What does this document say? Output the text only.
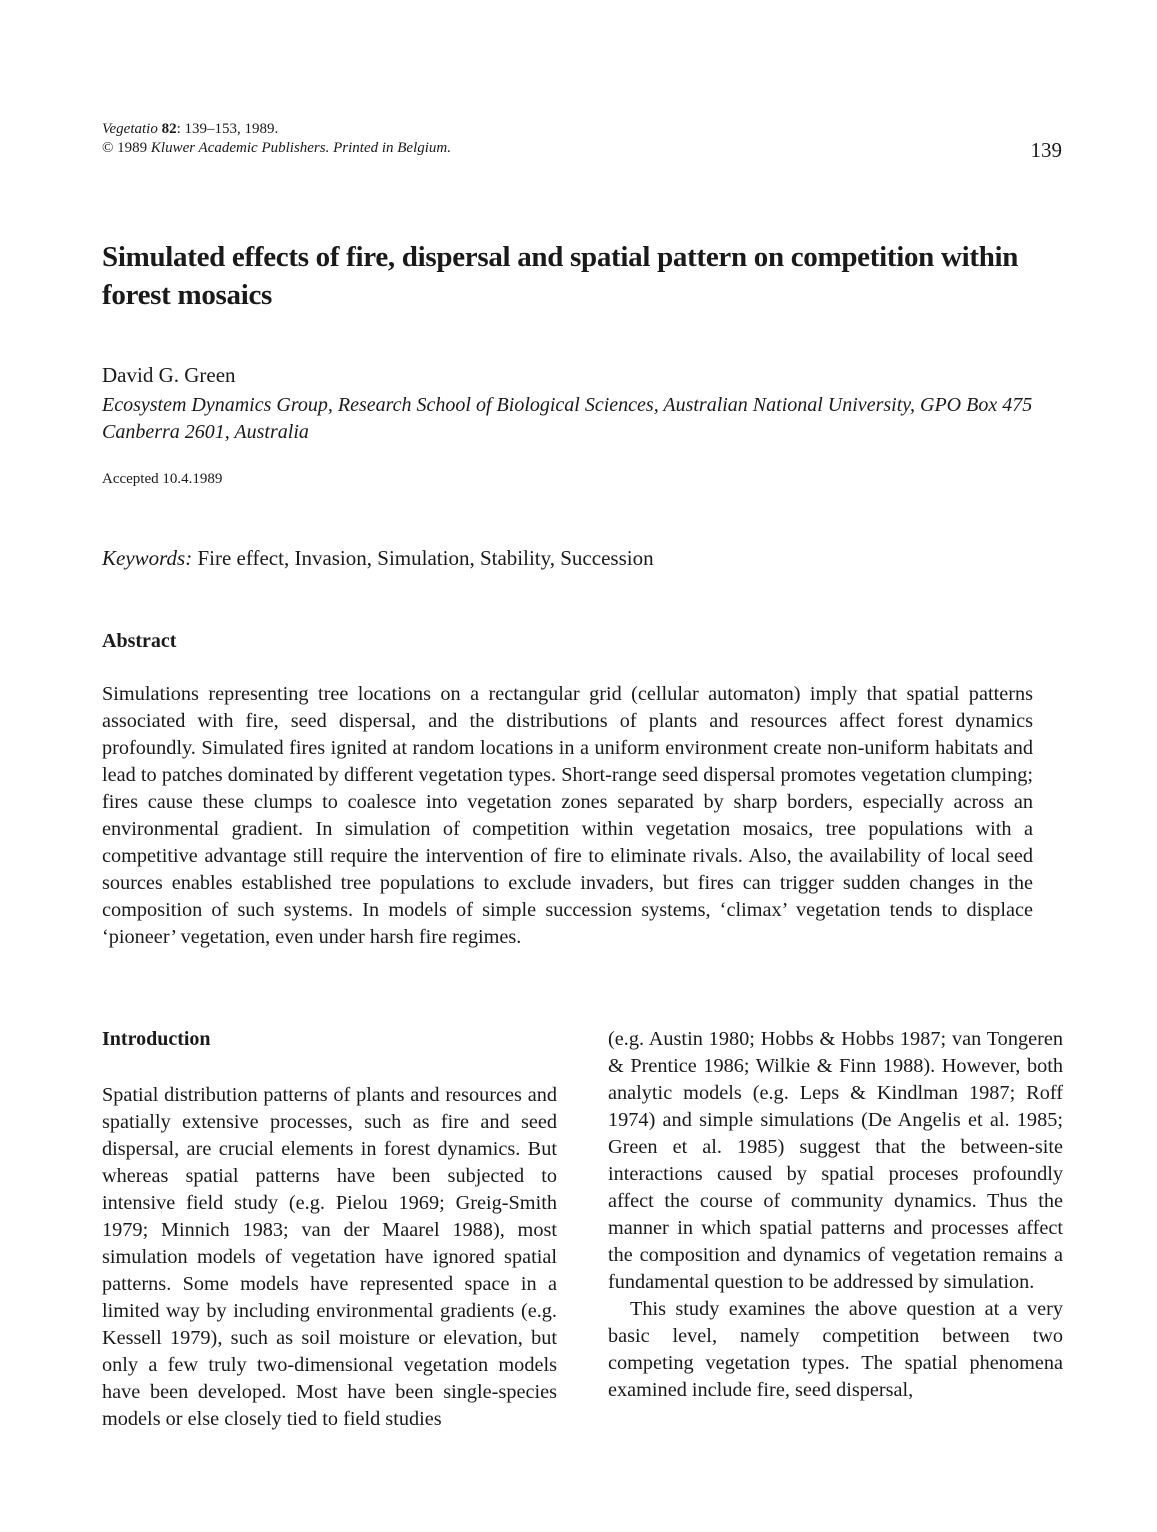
Vegetatio 82: 139–153, 1989.
© 1989 Kluwer Academic Publishers. Printed in Belgium.	139
Simulated effects of fire, dispersal and spatial pattern on competition within forest mosaics
David G. Green
Ecosystem Dynamics Group, Research School of Biological Sciences, Australian National University, GPO Box 475 Canberra 2601, Australia
Accepted 10.4.1989
Keywords: Fire effect, Invasion, Simulation, Stability, Succession
Abstract
Simulations representing tree locations on a rectangular grid (cellular automaton) imply that spatial patterns associated with fire, seed dispersal, and the distributions of plants and resources affect forest dynamics profoundly. Simulated fires ignited at random locations in a uniform environment create non-uniform habitats and lead to patches dominated by different vegetation types. Short-range seed dispersal promotes vegetation clumping; fires cause these clumps to coalesce into vegetation zones separated by sharp borders, especially across an environmental gradient. In simulation of competition within vegetation mosaics, tree populations with a competitive advantage still require the intervention of fire to eliminate rivals. Also, the availability of local seed sources enables established tree populations to exclude invaders, but fires can trigger sudden changes in the composition of such systems. In models of simple succession systems, ‘climax’ vegetation tends to displace ‘pioneer’ vegetation, even under harsh fire regimes.
Introduction

Spatial distribution patterns of plants and resources and spatially extensive processes, such as fire and seed dispersal, are crucial elements in forest dynamics. But whereas spatial patterns have been subjected to intensive field study (e.g. Pielou 1969; Greig-Smith 1979; Minnich 1983; van der Maarel 1988), most simulation models of vegetation have ignored spatial patterns. Some models have represented space in a limited way by including environmental gradients (e.g. Kessell 1979), such as soil moisture or elevation, but only a few truly two-dimensional vegetation models have been developed. Most have been single-species models or else closely tied to field studies

(e.g. Austin 1980; Hobbs & Hobbs 1987; van Tongeren & Prentice 1986; Wilkie & Finn 1988). However, both analytic models (e.g. Leps & Kindlman 1987; Roff 1974) and simple simulations (De Angelis et al. 1985; Green et al. 1985) suggest that the between-site interactions caused by spatial proceses profoundly affect the course of community dynamics. Thus the manner in which spatial patterns and processes affect the composition and dynamics of vegetation remains a fundamental question to be addressed by simulation.

This study examines the above question at a very basic level, namely competition between two competing vegetation types. The spatial phenomena examined include fire, seed dispersal,
